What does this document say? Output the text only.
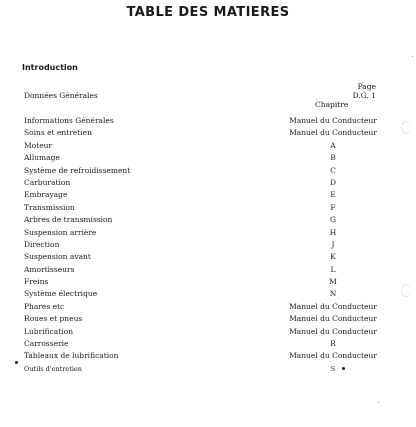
TABLE DES MATIERES
Introduction
Page
Données Générales	D.G. 1
Chapitre
Informations Générales	Manuel du Conducteur
Soins et entretien	Manuel du Conducteur
Moteur	A
Allumage	B
Système de refroidissement	C
Carburation	D
Embrayage	E
Transmission	F
Arbres de transmission	G
Suspension arrière	H
Direction	J
Suspension avant	K
Amortisseurs	L
Freins	M
Système électrique	N
Phares etc	Manuel du Conducteur
Roues et pneus	Manuel du Conducteur
Lubrification	Manuel du Conducteur
Carrosserie	R
Tableaux de lubrification	Manuel du Conducteur
Outils d'entretien	S
